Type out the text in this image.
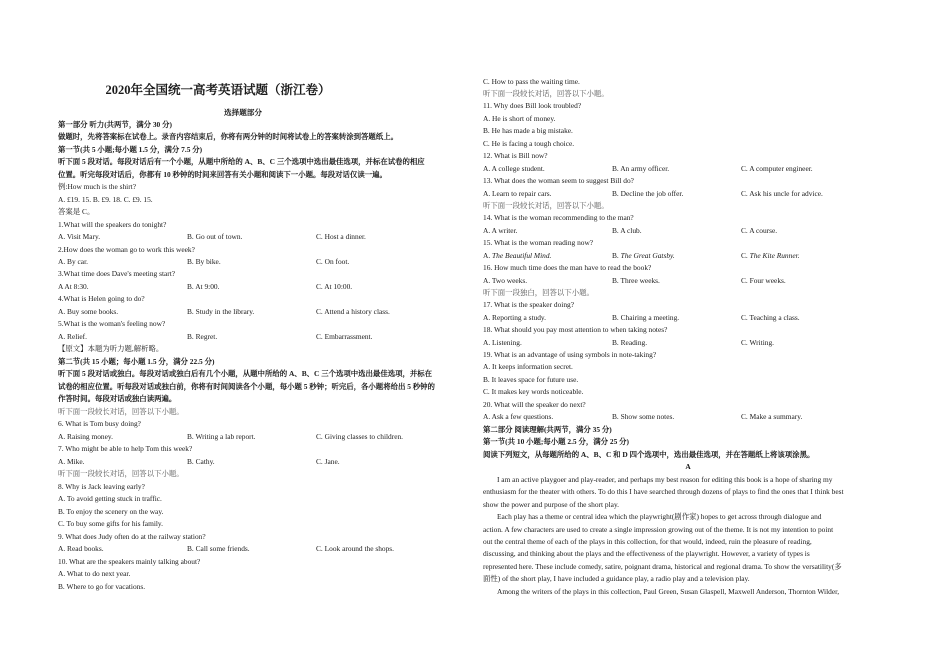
2020年全国统一高考英语试题（浙江卷）
选择题部分
第一部分 听力(共两节，满分 30 分)
做题时，先将答案标在试卷上。录音内容结束后，你将有两分钟的时间将试卷上的答案转涂到答题纸上。
第一节(共 5 小题;每小题 1.5 分，满分 7.5 分)
听下面 5 段对话。每段对话后有一个小题，从题中所给的 A、B、C 三个选项中选出最佳选项，并标在试卷的相应
位置。听完每段对话后，你都有 10 秒钟的时间来回答有关小题和阅读下一小题。每段对话仅读一遍。
例:How much is the shirt?
A. £19. 15. B. £9. 18. C. £9. 15.
答案是 C。
1.What will the speakers do tonight?
A. Visit Mary.	B. Go out of town.	C. Host a dinner.
2.How does the woman go to work this week?
A. By car.	B. By bike.	C. On foot.
3.What time does Dave's meeting start?
A At 8:30.	B. At 9:00.	C. At 10:00.
4.What is Helen going to do?
A. Buy some books.	B. Study in the library.	C. Attend a history class.
5.What is the woman's feeling now?
A. Relief.	B. Regret.	C. Embarrassment.
【原文】本题为听力题,解析略。
第二节(共 15 小题；每小题 1.5 分，满分 22.5 分)
听下面 5 段对话或独白。每段对话或独白后有几个小题，从题中所给的 A、B、C 三个选项中选出最佳选项，并标在
试卷的相应位置。听每段对话或独白前，你将有时间阅读各个小题，每小题 5 秒钟；听完后，各小题将给出 5 秒钟的
作答时间。每段对话或独白读两遍。
听下面一段较长对话，回答以下小题。
6. What is Tom busy doing?
A. Raising money.	B. Writing a lab report.	C. Giving classes to children.
7. Who might be able to help Tom this week?
A. Mike.	B. Cathy.	C. Jane.
听下面一段较长对话，回答以下小题。
8. Why is Jack leaving early?
A. To avoid getting stuck in traffic.
B. To enjoy the scenery on the way.
C. To buy some gifts for his family.
9. What does Judy often do at the railway station?
A. Read books.	B. Call some friends.	C. Look around the shops.
10. What are the speakers mainly talking about?
A. What to do next year.
B. Where to go for vacations.
C. How to pass the waiting time.
听下面一段较长对话，回答以下小题。
11. Why does Bill look troubled?
A. He is short of money.
B. He has made a big mistake.
C. He is facing a tough choice.
12. What is Bill now?
A. A college student.	B. An army officer.	C. A computer engineer.
13. What does the woman seem to suggest Bill do?
A. Learn to repair cars.	B. Decline the job offer.	C. Ask his uncle for advice.
听下面一段较长对话，回答以下小题。
14. What is the woman recommending to the man?
A. A writer.	B. A club.	C. A course.
15. What is the woman reading now?
A. The Beautiful Mind.	B. The Great Gatsby.	C. The Kite Runner.
16. How much time does the man have to read the book?
A. Two weeks.	B. Three weeks.	C. Four weeks.
听下面一段独白，回答以下小题。
17. What is the speaker doing?
A. Reporting a study.	B. Chairing a meeting.	C. Teaching a class.
18. What should you pay most attention to when taking notes?
A. Listening.	B. Reading.	C. Writing.
19. What is an advantage of using symbols in note-taking?
A. It keeps information secret.
B. It leaves space for future use.
C. It makes key words noticeable.
20. What will the speaker do next?
A. Ask a few questions.	B. Show some notes.	C. Make a summary.
第二部分 阅读理解(共两节，满分 35 分)
第一节(共 10 小题;每小题 2.5 分，满分 25 分)
阅读下列短文，从每题所给的 A、B、C 和 D 四个选项中，选出最佳选项，并在答题纸上将该项涂黑。
A
I am an active playgoer and play-reader, and perhaps my best reason for editing this book is a hope of sharing my
enthusiasm for the theater with others. To do this I have searched through dozens of plays to find the ones that I think best
show the power and purpose of the short play.
Each play has a theme or central idea which the playwright(剧作家) hopes to get across through dialogue and
action. A few characters are used to create a single impression growing out of the theme. It is not my intention to point
out the central theme of each of the plays in this collection, for that would, indeed, ruin the pleasure of reading,
discussing, and thinking about the plays and the effectiveness of the playwright. However, a variety of types is
represented here. These include comedy, satire, poignant drama, historical and regional drama. To show the versatility(多
面性) of the short play, I have included a guidance play, a radio play and a television play.
Among the writers of the plays in this collection, Paul Green, Susan Glaspell, Maxwell Anderson, Thornton Wilder,
